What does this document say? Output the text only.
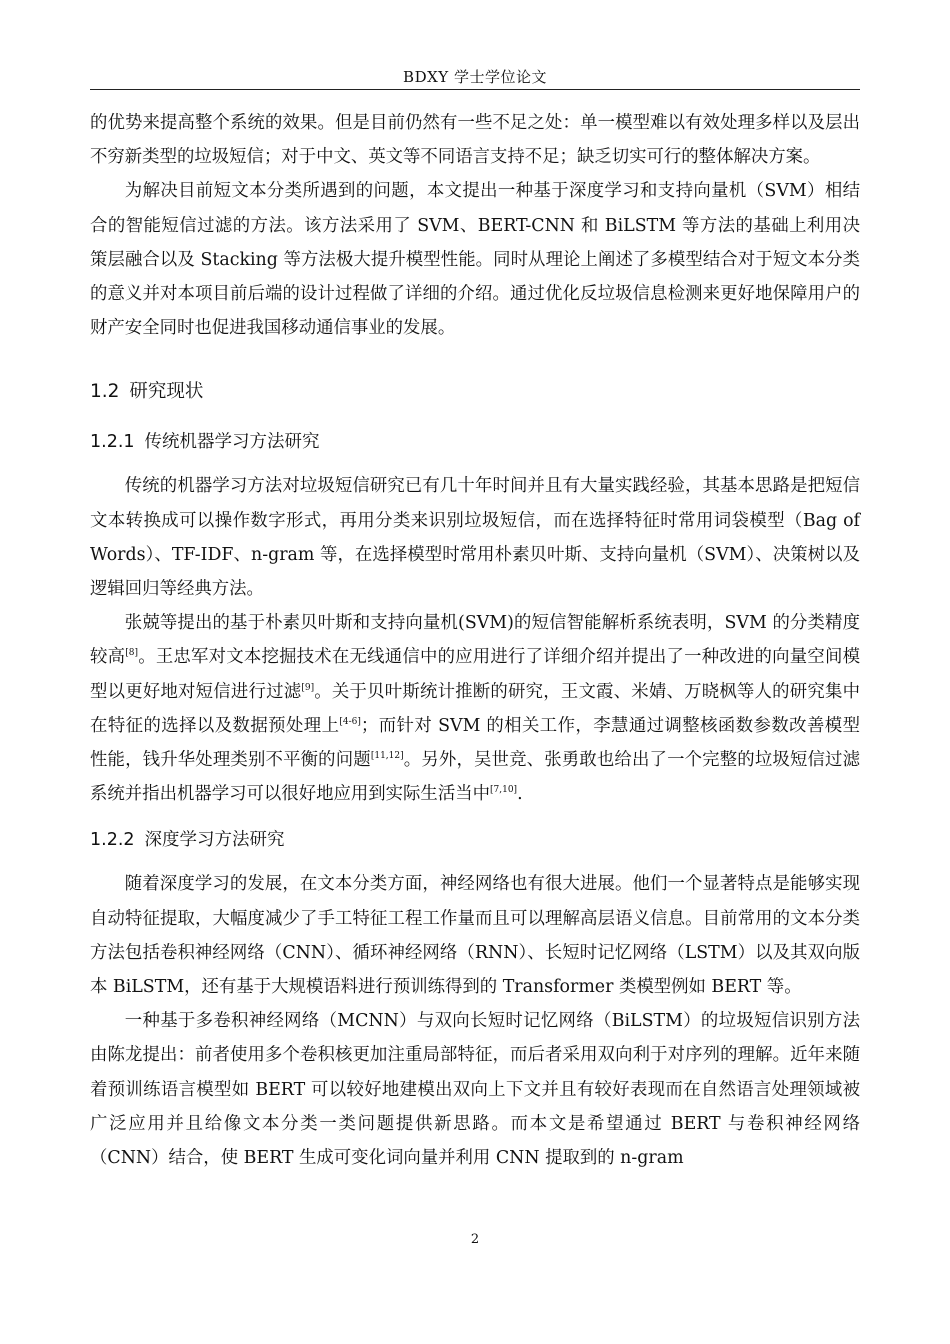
BDXY 学士学位论文

的优势来提高整个系统的效果。但是目前仍然有一些不足之处：单一模型难以有效处理多样以及层出不穷新类型的垃圾短信；对于中文、英文等不同语言支持不足；缺乏切实可行的整体解决方案。

为解决目前短文本分类所遇到的问题，本文提出一种基于深度学习和支持向量机（SVM）相结合的智能短信过滤的方法。该方法采用了 SVM、BERT-CNN 和 BiLSTM 等方法的基础上利用决策层融合以及 Stacking 等方法极大提升模型性能。同时从理论上阐述了多模型结合对于短文本分类的意义并对本项目前后端的设计过程做了详细的介绍。通过优化反垃圾信息检测来更好地保障用户的财产安全同时也促进我国移动通信事业的发展。

1.2 研究现状
1.2.1 传统机器学习方法研究

传统的机器学习方法对垃圾短信研究已有几十年时间并且有大量实践经验，其基本思路是把短信文本转换成可以操作数字形式，再用分类来识别垃圾短信，而在选择特征时常用词袋模型（Bag of Words）、TF-IDF、n-gram 等，在选择模型时常用朴素贝叶斯、支持向量机（SVM）、决策树以及逻辑回归等经典方法。

张兢等提出的基于朴素贝叶斯和支持向量机(SVM)的短信智能解析系统表明，SVM 的分类精度较高[8]。王忠军对文本挖掘技术在无线通信中的应用进行了详细介绍并提出了一种改进的向量空间模型以更好地对短信进行过滤[9]。关于贝叶斯统计推断的研究，王文霞、米婧、万晓枫等人的研究集中在特征的选择以及数据预处理上[4-6]；而针对 SVM 的相关工作，李慧通过调整核函数参数改善模型性能，钱升华处理类别不平衡的问题[11,12]。另外，吴世竞、张勇敢也给出了一个完整的垃圾短信过滤系统并指出机器学习可以很好地应用到实际生活当中[7,10].

1.2.2 深度学习方法研究

随着深度学习的发展，在文本分类方面，神经网络也有很大进展。他们一个显著特点是能够实现自动特征提取，大幅度减少了手工特征工程工作量而且可以理解高层语义信息。目前常用的文本分类方法包括卷积神经网络（CNN）、循环神经网络（RNN）、长短时记忆网络（LSTM）以及其双向版本 BiLSTM，还有基于大规模语料进行预训练得到的 Transformer 类模型例如 BERT 等。

一种基于多卷积神经网络（MCNN）与双向长短时记忆网络（BiLSTM）的垃圾短信识别方法由陈龙提出：前者使用多个卷积核更加注重局部特征，而后者采用双向利于对序列的理解。近年来随着预训练语言模型如 BERT 可以较好地建模出双向上下文并且有较好表现而在自然语言处理领域被广泛应用并且给像文本分类一类问题提供新思路。而本文是希望通过 BERT 与卷积神经网络（CNN）结合，使 BERT 生成可变化词向量并利用 CNN 提取到的 n-gram

2
